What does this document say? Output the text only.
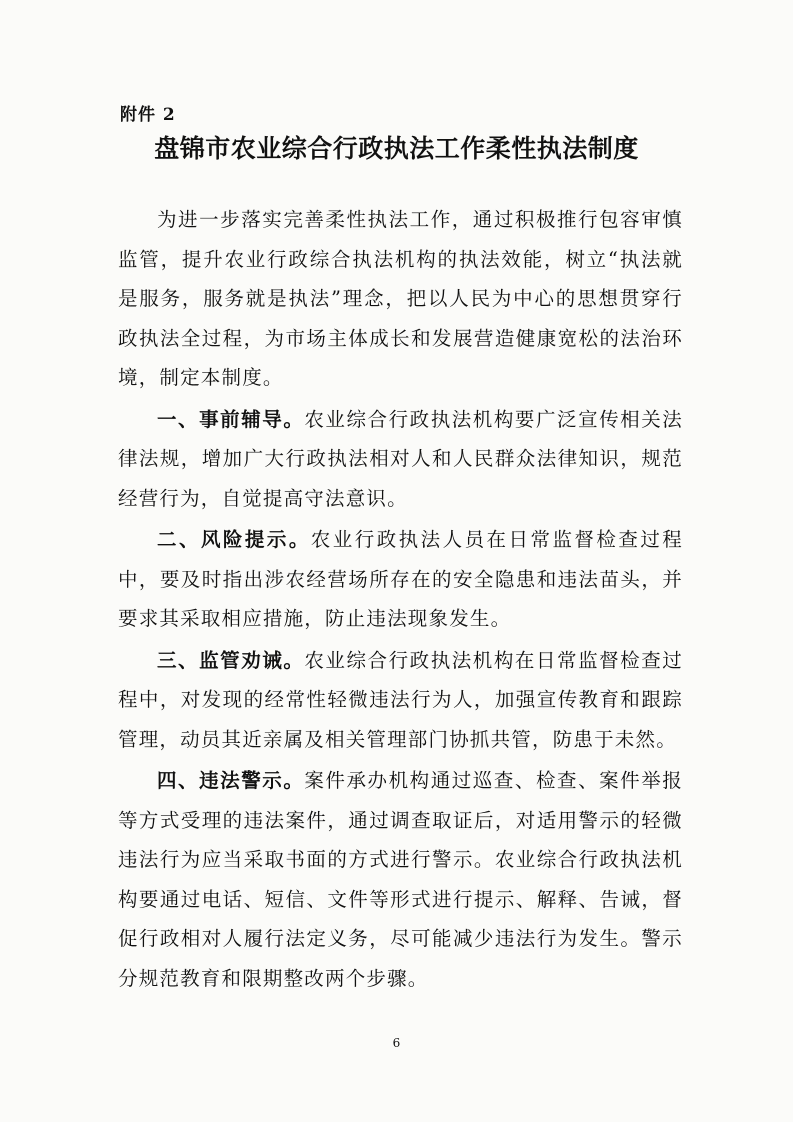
附件 2
盘锦市农业综合行政执法工作柔性执法制度

为进一步落实完善柔性执法工作，通过积极推行包容审慎监管，提升农业行政综合执法机构的执法效能，树立“执法就是服务，服务就是执法”理念，把以人民为中心的思想贯穿行政执法全过程，为市场主体成长和发展营造健康宽松的法治环境，制定本制度。

一、事前辅导。农业综合行政执法机构要广泛宣传相关法律法规，增加广大行政执法相对人和人民群众法律知识，规范经营行为，自觉提高守法意识。

二、风险提示。农业行政执法人员在日常监督检查过程中，要及时指出涉农经营场所存在的安全隐患和违法苗头，并要求其采取相应措施，防止违法现象发生。

三、监管劝诫。农业综合行政执法机构在日常监督检查过程中，对发现的经常性轻微违法行为人，加强宣传教育和跟踪管理，动员其近亲属及相关管理部门协抓共管，防患于未然。

四、违法警示。案件承办机构通过巡查、检查、案件举报等方式受理的违法案件，通过调查取证后，对适用警示的轻微违法行为应当采取书面的方式进行警示。农业综合行政执法机构要通过电话、短信、文件等形式进行提示、解释、告诫，督促行政相对人履行法定义务，尽可能减少违法行为发生。警示分规范教育和限期整改两个步骤。

6
